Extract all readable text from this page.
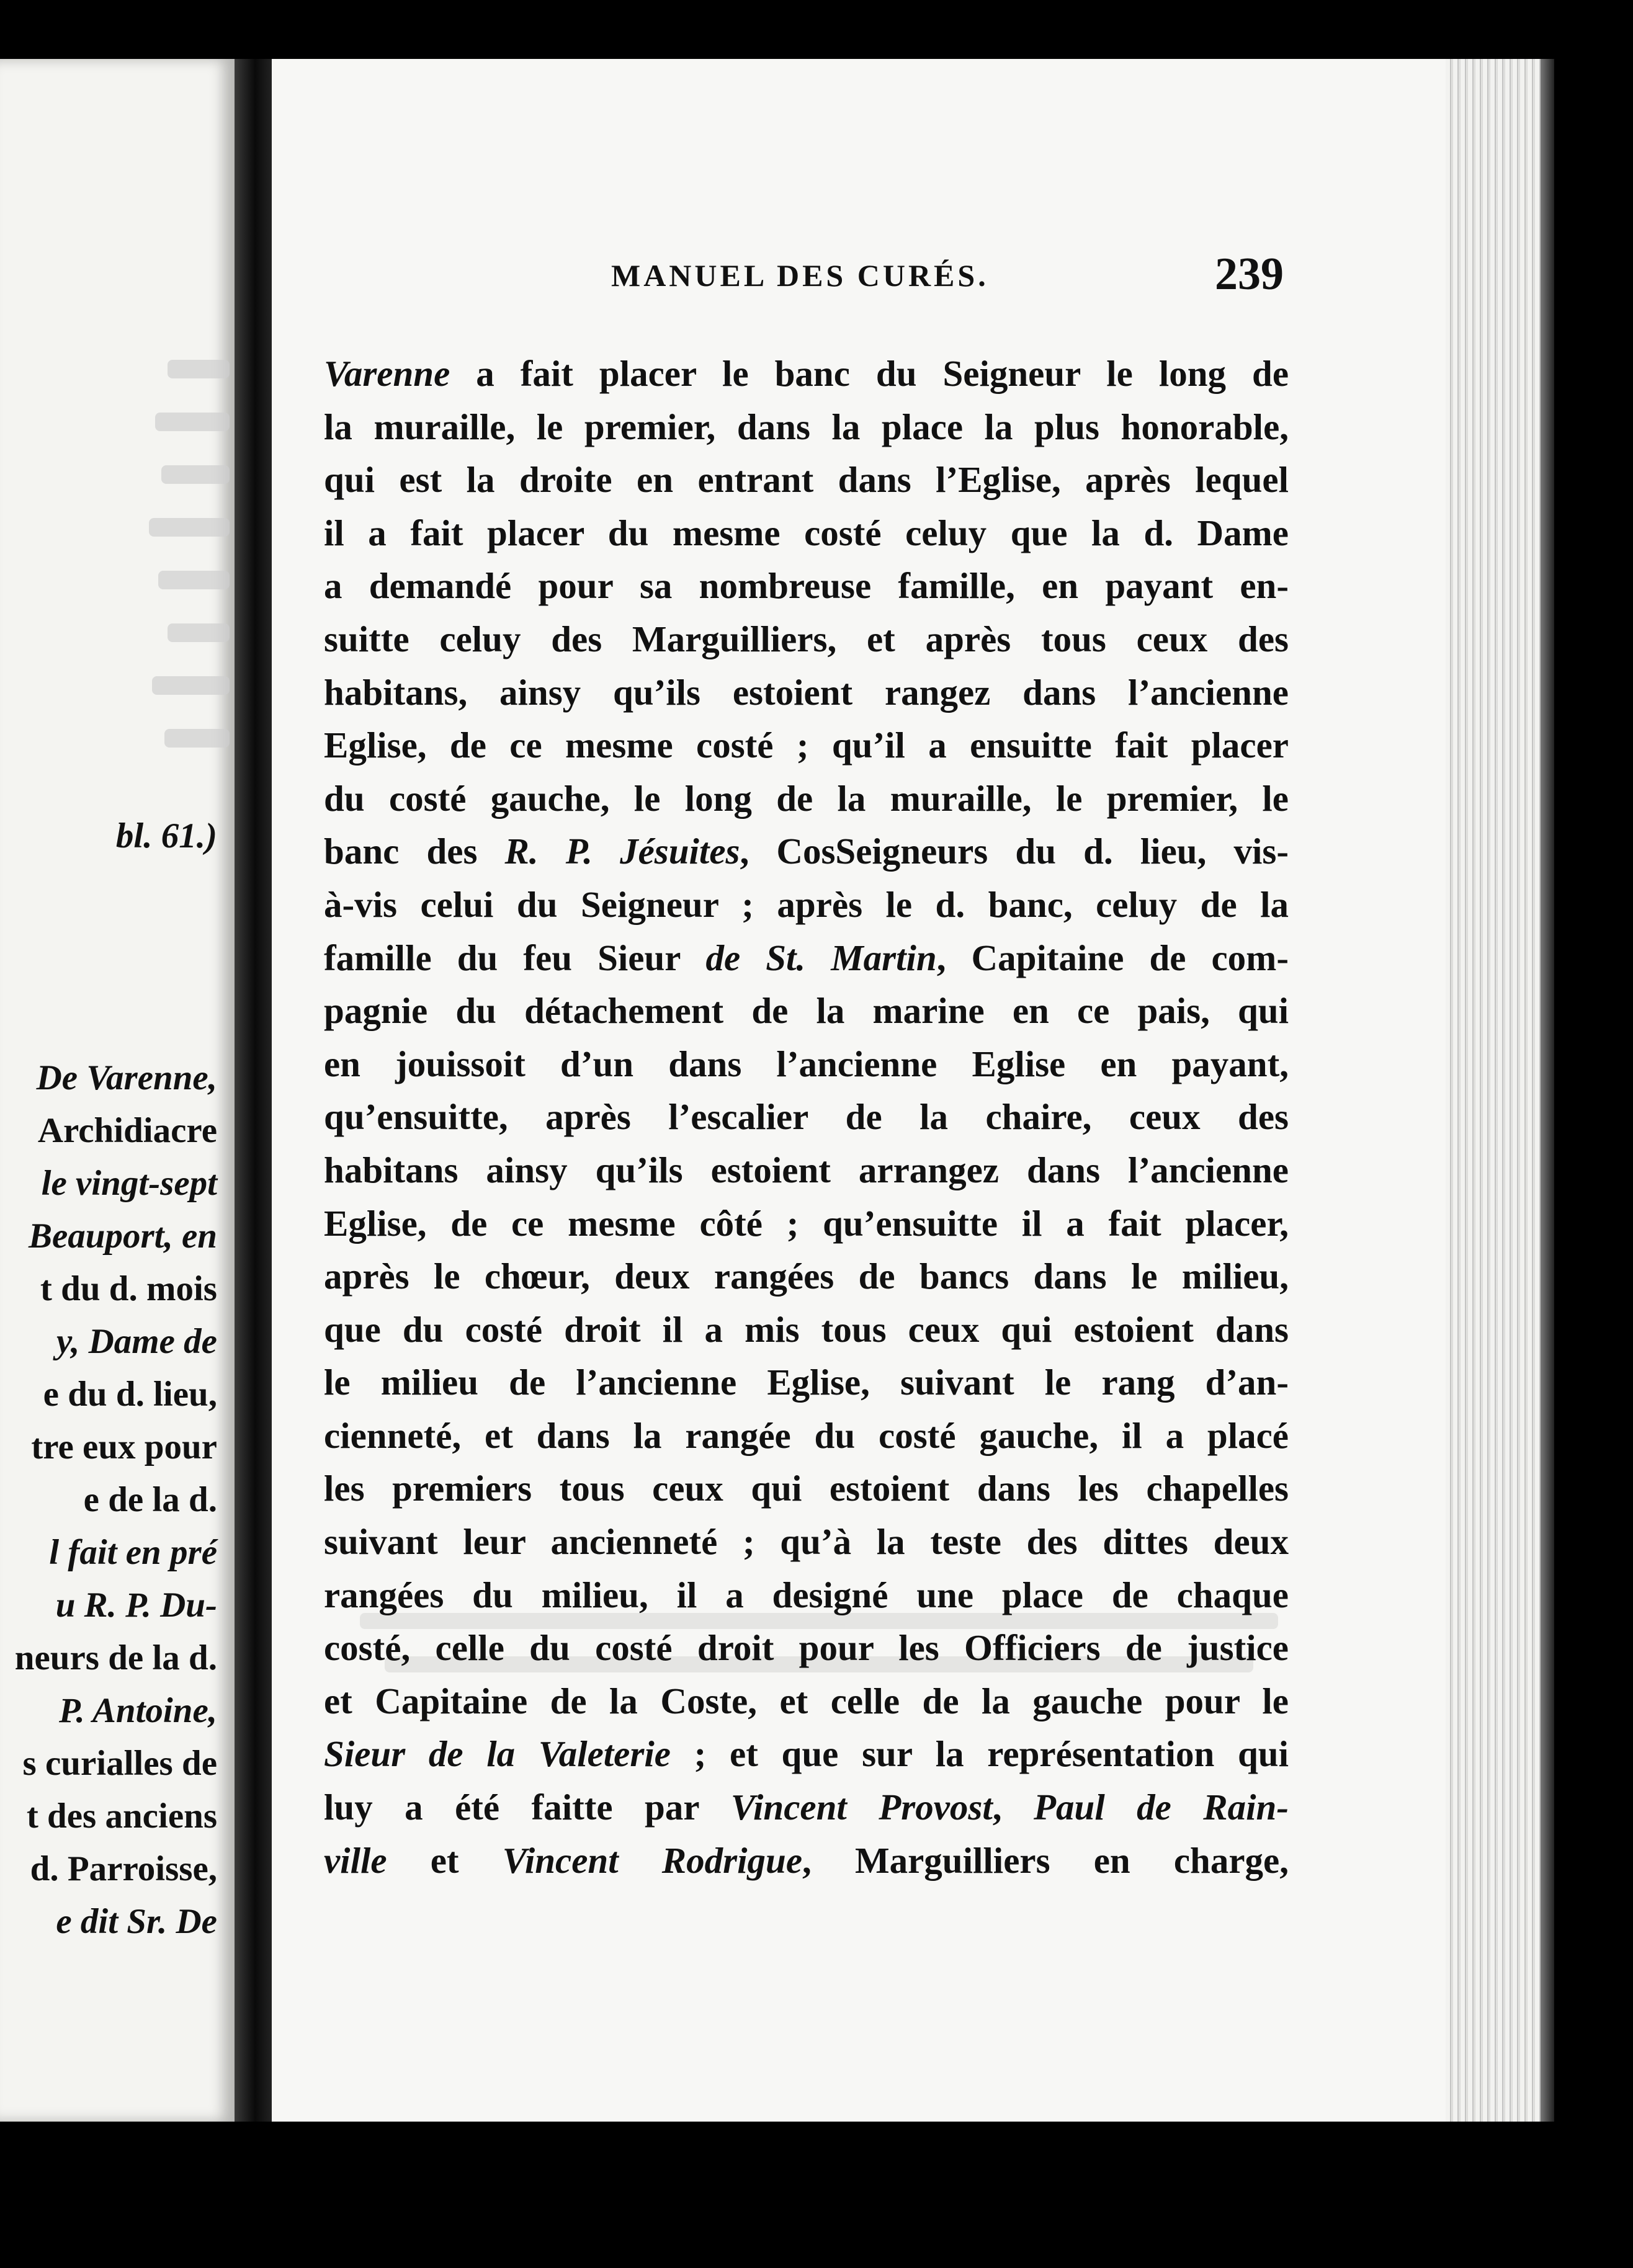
bl. 61.)
De Varenne,
Archidiacre
le vingt-sept
Beauport, en
t du d. mois
y, Dame de
e du d. lieu,
tre eux pour
e de la d.
l fait en pré
u R. P. Du-
neurs de la d.
P. Antoine,
s curialles de
t des anciens
d. Parroisse,
e dit Sr. De
MANUEL DES CURÉS.	239
Varenne a fait placer le banc du Seigneur le long de
la muraille, le premier, dans la place la plus honorable,
qui est la droite en entrant dans l’Eglise, après lequel
il a fait placer du mesme costé celuy que la d. Dame
a demandé pour sa nombreuse famille, en payant en-
suitte celuy des Marguilliers, et après tous ceux des
habitans, ainsy qu’ils estoient rangez dans l’ancienne
Eglise, de ce mesme costé ; qu’il a ensuitte fait placer
du costé gauche, le long de la muraille, le premier, le
banc des R. P. Jésuites, CosSeigneurs du d. lieu, vis-
à-vis celui du Seigneur ; après le d. banc, celuy de la
famille du feu Sieur de St. Martin, Capitaine de com-
pagnie du détachement de la marine en ce pais, qui
en jouissoit d’un dans l’ancienne Eglise en payant,
qu’ensuitte, après l’escalier de la chaire, ceux des
habitans ainsy qu’ils estoient arrangez dans l’ancienne
Eglise, de ce mesme côté ; qu’ensuitte il a fait placer,
après le chœur, deux rangées de bancs dans le milieu,
que du costé droit il a mis tous ceux qui estoient dans
le milieu de l’ancienne Eglise, suivant le rang d’an-
cienneté, et dans la rangée du costé gauche, il a placé
les premiers tous ceux qui estoient dans les chapelles
suivant leur ancienneté ; qu’à la teste des dittes deux
rangées du milieu, il a designé une place de chaque
costé, celle du costé droit pour les Officiers de justice
et Capitaine de la Coste, et celle de la gauche pour le
Sieur de la Valeterie ; et que sur la représentation qui
luy a été faitte par Vincent Provost, Paul de Rain-
ville et Vincent Rodrigue, Marguilliers en charge,
